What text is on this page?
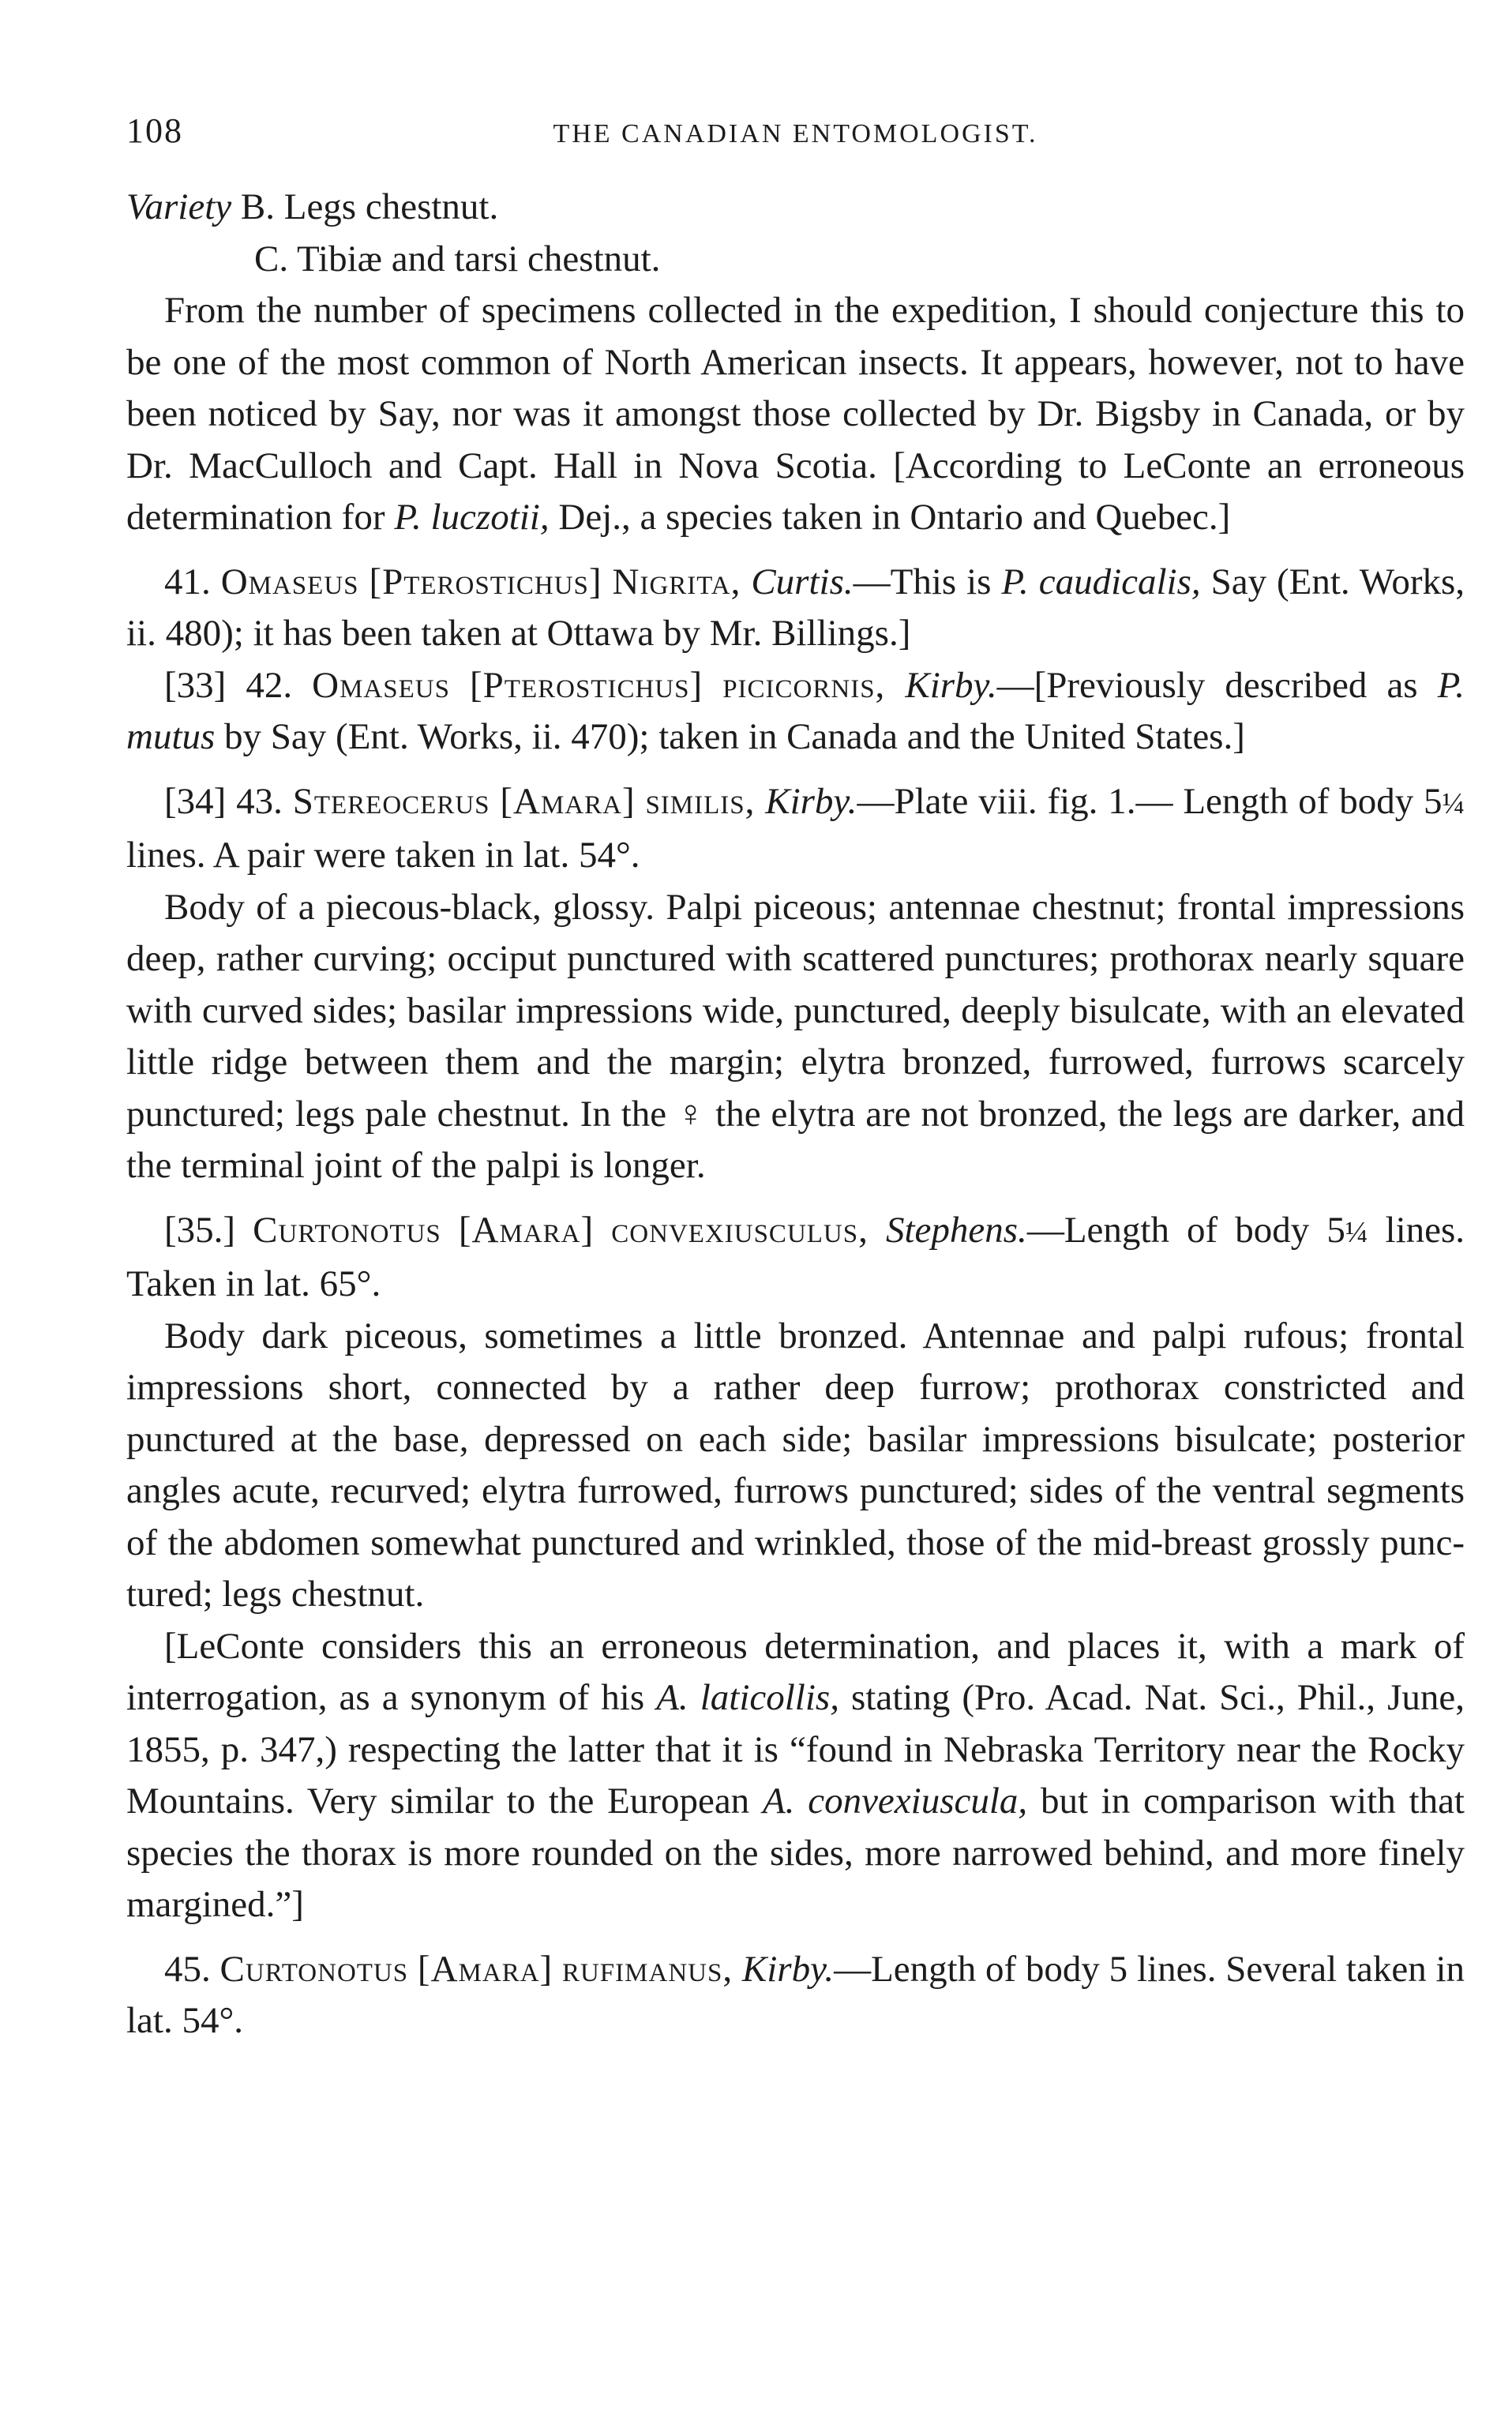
108	THE CANADIAN ENTOMOLOGIST.

Variety B. Legs chestnut.

C. Tibiæ and tarsi chestnut.

From the number of specimens collected in the expedition, I should conjecture this to be one of the most common of North American insects. It appears, however, not to have been noticed by Say, nor was it amongst those collected by Dr. Bigsby in Canada, or by Dr. MacCulloch and Capt. Hall in Nova Scotia. [According to LeConte an erroneous determination for P. luczotii, Dej., a species taken in Ontario and Quebec.]

41. Omaseus [Pterostichus] Nigrita, Curtis.—This is P. caudicalis, Say (Ent. Works, ii. 480); it has been taken at Ottawa by Mr. Billings.]

[33] 42. Omaseus [Pterostichus] picicornis, Kirby.—[Previously described as P. mutus by Say (Ent. Works, ii. 470); taken in Canada and the United States.]

[34] 43. Stereocerus [Amara] similis, Kirby.—Plate viii. fig. 1.— Length of body 5¼ lines. A pair were taken in lat. 54°.

Body of a piecous-black, glossy. Palpi piceous; antennae chestnut; frontal impressions deep, rather curving; occiput punctured with scattered punctures; prothorax nearly square with curved sides; basilar impressions wide, punctured, deeply bisulcate, with an elevated little ridge between them and the margin; elytra bronzed, furrowed, furrows scarcely punctured; legs pale chestnut. In the ♀ the elytra are not bronzed, the legs are darker, and the terminal joint of the palpi is longer.

[35.] Curtonotus [Amara] convexiusculus, Stephens.—Length of body 5¼ lines. Taken in lat. 65°.

Body dark piceous, sometimes a little bronzed. Antennae and palpi rufous; frontal impressions short, connected by a rather deep furrow; prothorax constricted and punctured at the base, depressed on each side; basilar impressions bisulcate; posterior angles acute, recurved; elytra furrowed, furrows punctured; sides of the ventral segments of the abdomen somewhat punctured and wrinkled, those of the mid-breast grossly punctured; legs chestnut.

[LeConte considers this an erroneous determination, and places it, with a mark of interrogation, as a synonym of his A. laticollis, stating (Pro. Acad. Nat. Sci., Phil., June, 1855, p. 347,) respecting the latter that it is “found in Nebraska Territory near the Rocky Mountains. Very similar to the European A. convexiuscula, but in comparison with that species the thorax is more rounded on the sides, more narrowed behind, and more finely margined.”]

45. Curtonotus [Amara] rufimanus, Kirby.—Length of body 5 lines. Several taken in lat. 54°.
